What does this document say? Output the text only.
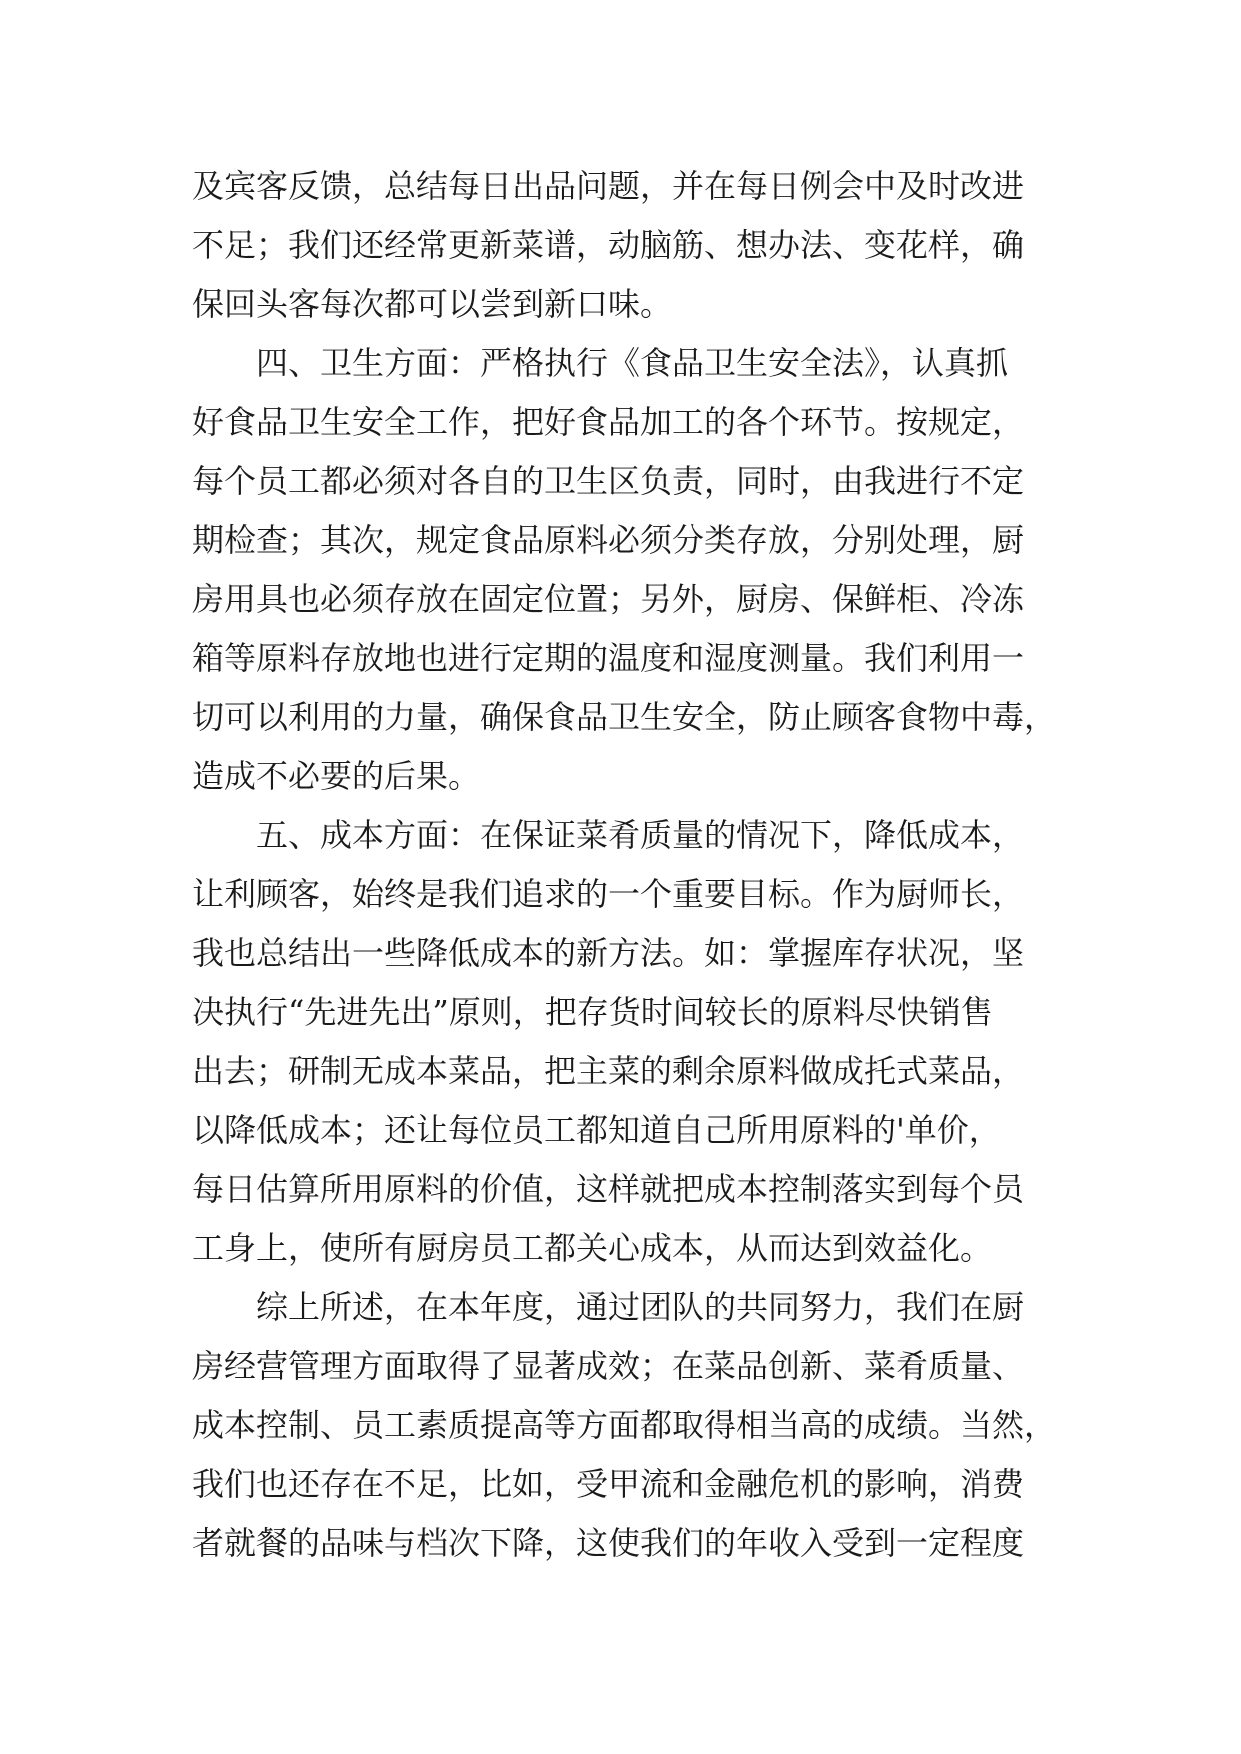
及宾客反馈，总结每日出品问题，并在每日例会中及时改进
不足；我们还经常更新菜谱，动脑筋、想办法、变花样，确
保回头客每次都可以尝到新口味。
四、卫生方面：严格执行《食品卫生安全法》，认真抓
好食品卫生安全工作，把好食品加工的各个环节。按规定，
每个员工都必须对各自的卫生区负责，同时，由我进行不定
期检查；其次，规定食品原料必须分类存放，分别处理，厨
房用具也必须存放在固定位置；另外，厨房、保鲜柜、冷冻
箱等原料存放地也进行定期的温度和湿度测量。我们利用一
切可以利用的力量，确保食品卫生安全，防止顾客食物中毒，
造成不必要的后果。
五、成本方面：在保证菜肴质量的情况下，降低成本，
让利顾客，始终是我们追求的一个重要目标。作为厨师长，
我也总结出一些降低成本的新方法。如：掌握库存状况，坚
决执行“先进先出”原则，把存货时间较长的原料尽快销售
出去；研制无成本菜品，把主菜的剩余原料做成托式菜品，
以降低成本；还让每位员工都知道自己所用原料的'单价，
每日估算所用原料的价值，这样就把成本控制落实到每个员
工身上，使所有厨房员工都关心成本，从而达到效益化。
综上所述，在本年度，通过团队的共同努力，我们在厨
房经营管理方面取得了显著成效；在菜品创新、菜肴质量、
成本控制、员工素质提高等方面都取得相当高的成绩。当然，
我们也还存在不足，比如，受甲流和金融危机的影响，消费
者就餐的品味与档次下降，这使我们的年收入受到一定程度
